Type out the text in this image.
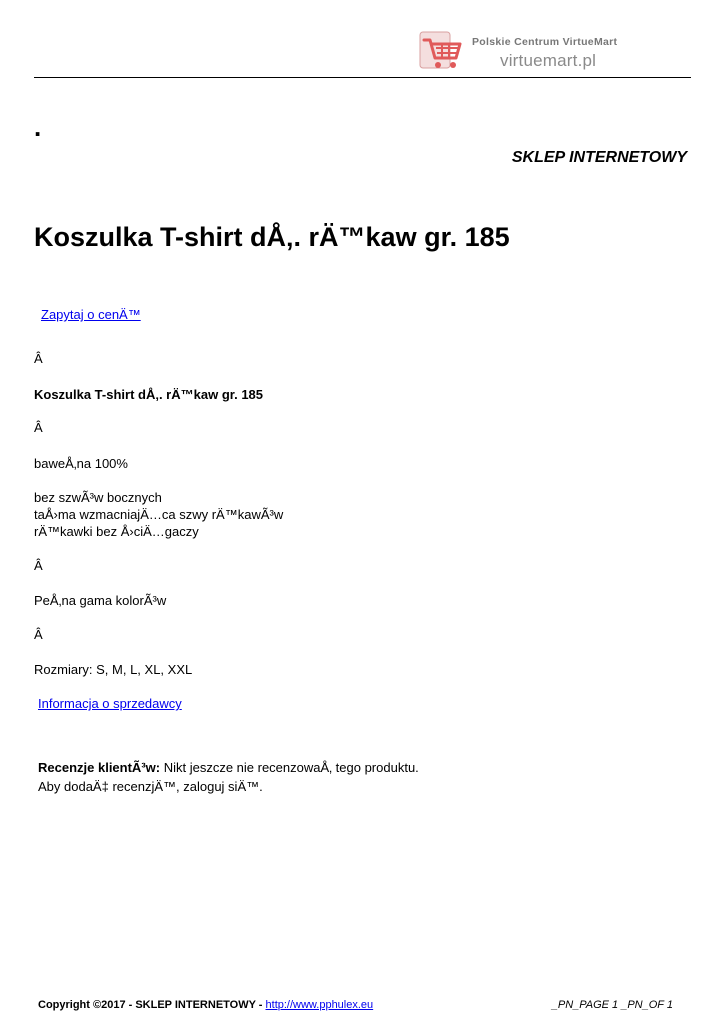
Polskie Centrum VirtueMart
virtuemart.pl
.
SKLEP INTERNETOWY
Koszulka T-shirt dÅ‚. rÄ™kaw gr. 185
Zapytaj o cenÄ™
Â
Koszulka T-shirt dÅ‚. rÄ™kaw gr. 185
Â
baweÅ‚na 100%
bez szwÃ³w bocznych
taÅ›ma wzmacniajÄ…ca szwy rÄ™kawÃ³w
rÄ™kawki bez Å›ciÄ…gaczy
Â
PeÅ‚na gama kolorÃ³w
Â
Rozmiary: S, M, L, XL, XXL
Informacja o sprzedawcy
Recenzje klientÃ³w: Nikt jeszcze nie recenzowaÅ‚ tego produktu.
Aby dodaÄ‡ recenzjÄ™, zaloguj siÄ™.
Copyright ©2017 - SKLEP INTERNETOWY - http://www.pphulex.eu	_PN_PAGE 1 _PN_OF 1
